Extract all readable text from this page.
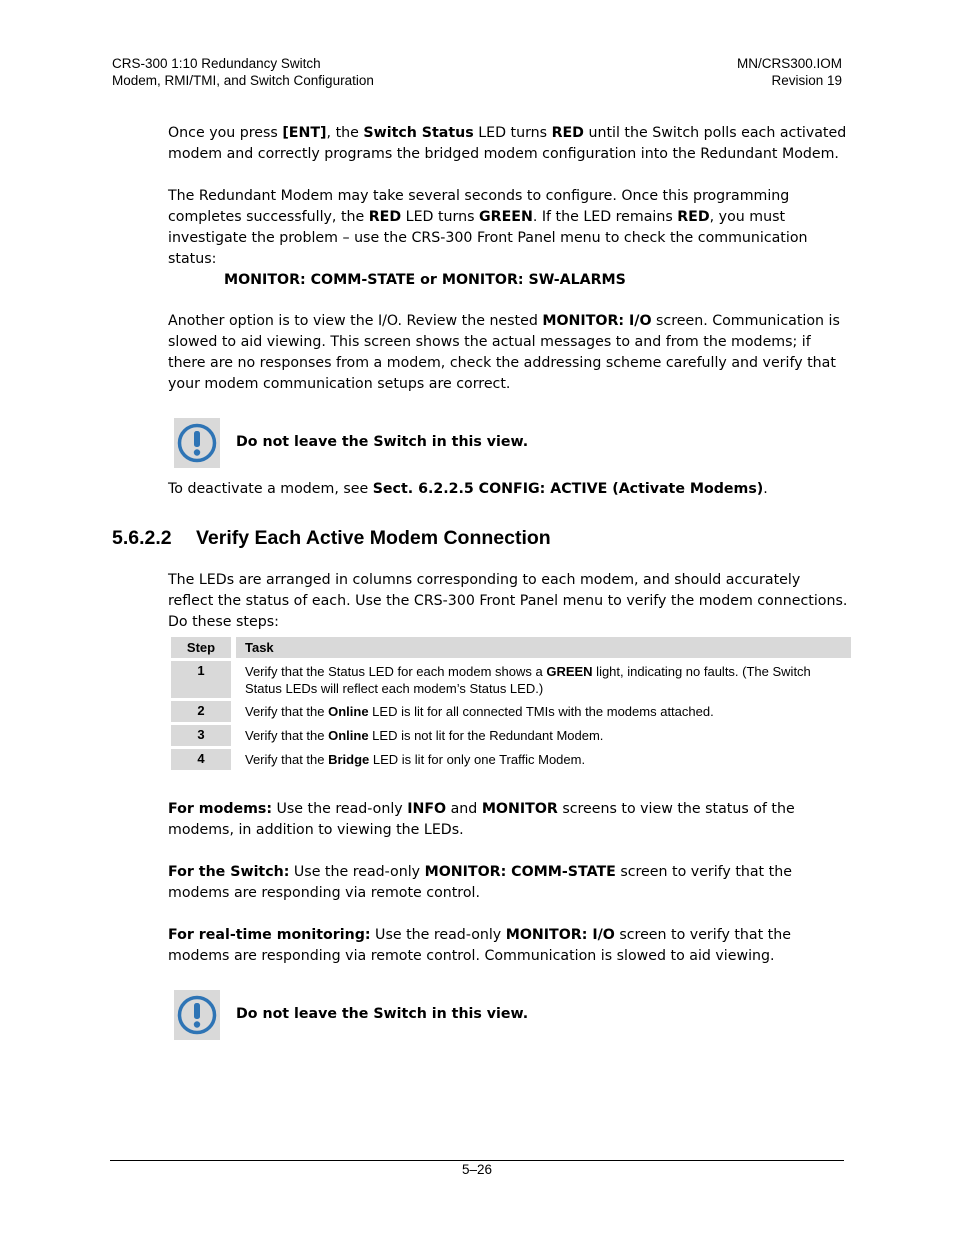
CRS-300 1:10 Redundancy Switch
Modem, RMI/TMI, and Switch Configuration
MN/CRS300.IOM
Revision 19

Once you press [ENT], the Switch Status LED turns RED until the Switch polls each activated modem and correctly programs the bridged modem configuration into the Redundant Modem.

The Redundant Modem may take several seconds to configure. Once this programming completes successfully, the RED LED turns GREEN. If the LED remains RED, you must investigate the problem – use the CRS-300 Front Panel menu to check the communication status:

MONITOR: COMM-STATE or MONITOR: SW-ALARMS

Another option is to view the I/O. Review the nested MONITOR: I/O screen. Communication is slowed to aid viewing. This screen shows the actual messages to and from the modems; if there are no responses from a modem, check the addressing scheme carefully and verify that your modem communication setups are correct.

Do not leave the Switch in this view.

To deactivate a modem, see Sect. 6.2.2.5 CONFIG: ACTIVE (Activate Modems).

5.6.2.2 Verify Each Active Modem Connection

The LEDs are arranged in columns corresponding to each modem, and should accurately reflect the status of each. Use the CRS-300 Front Panel menu to verify the modem connections. Do these steps:

Step	Task
1	Verify that the Status LED for each modem shows a GREEN light, indicating no faults. (The Switch Status LEDs will reflect each modem’s Status LED.)
2	Verify that the Online LED is lit for all connected TMIs with the modems attached.
3	Verify that the Online LED is not lit for the Redundant Modem.
4	Verify that the Bridge LED is lit for only one Traffic Modem.

For modems: Use the read-only INFO and MONITOR screens to view the status of the modems, in addition to viewing the LEDs.

For the Switch: Use the read-only MONITOR: COMM-STATE screen to verify that the modems are responding via remote control.

For real-time monitoring: Use the read-only MONITOR: I/O screen to verify that the modems are responding via remote control. Communication is slowed to aid viewing.

Do not leave the Switch in this view.
5–26
